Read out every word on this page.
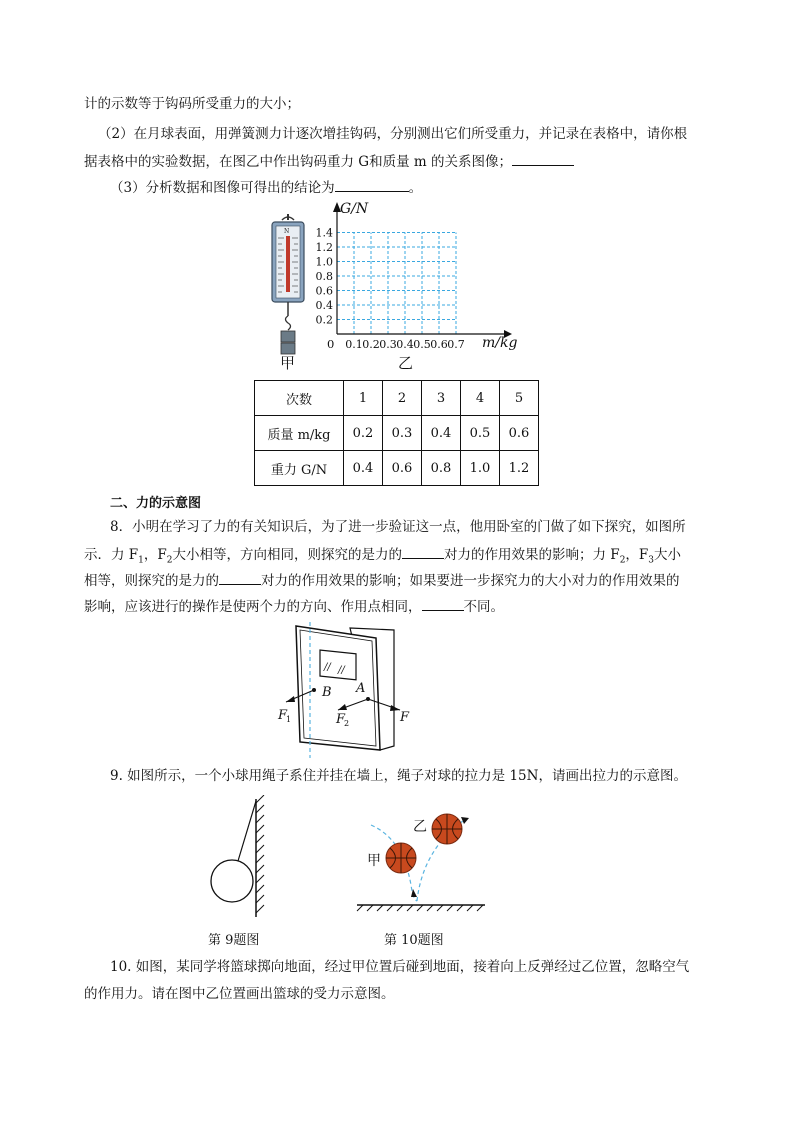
计的示数等于钩码所受重力的大小；
（2）在月球表面，用弹簧测力计逐次增挂钩码，分别测出它们所受重力，并记录在表格中，请你根
据表格中的实验数据，在图乙中作出钩码重力 G和质量 m 的关系图像；
（3）分析数据和图像可得出的结论为	。
N
甲
0.2
0.4
0.6
0.8
1.0
1.2
1.4
0.1 0.2 0.3 0.4 0.5 0.6 0.7
G/N
0	m/kg
乙
次数	1	2	3	4	5
质量 m/kg	0.2	0.3	0.4	0.5	0.6
重力 G/N	0.4	0.6	0.8	1.0	1.2
二、力的示意图
8．小明在学习了力的有关知识后，为了进一步验证这一点，他用卧室的门做了如下探究，如图所
示．力 $F_1$，$F_2$大小相等，方向相同，则探究的是力的	对力的作用效果的影响；力 $F_2$，$F_3$大小
相等，则探究的是力的	对力的作用效果的影响；如果要进一步探究力的大小对力的作用效果的
影响，应该进行的操作是使两个力的方向、作用点相同，	不同。
// //
B A
F
1	F
2	F
9. 如图所示，一个小球用绳子系住并挂在墙上，绳子对球的拉力是 15N，请画出拉力的示意图。
第 9题图
甲
乙
第 10题图
10. 如图，某同学将篮球掷向地面，经过甲位置后碰到地面，接着向上反弹经过乙位置，忽略空气
的作用力。请在图中乙位置画出篮球的受力示意图。
